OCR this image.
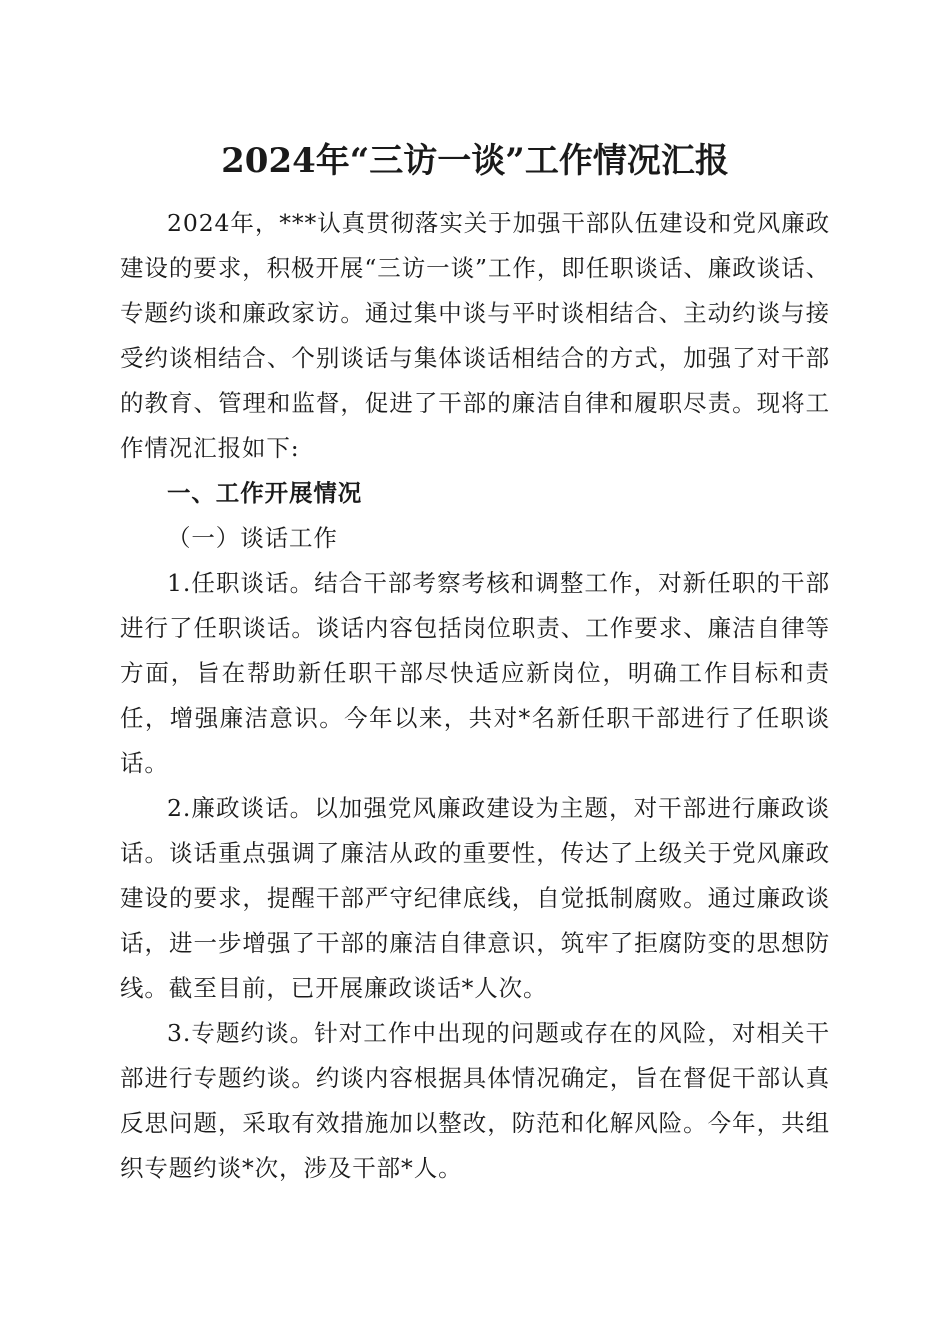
2024年“三访一谈”工作情况汇报

2024年，***认真贯彻落实关于加强干部队伍建设和党风廉政建设的要求，积极开展“三访一谈”工作，即任职谈话、廉政谈话、专题约谈和廉政家访。通过集中谈与平时谈相结合、主动约谈与接受约谈相结合、个别谈话与集体谈话相结合的方式，加强了对干部的教育、管理和监督，促进了干部的廉洁自律和履职尽责。现将工作情况汇报如下:

一、工作开展情况

（一）谈话工作

1.任职谈话。结合干部考察考核和调整工作，对新任职的干部进行了任职谈话。谈话内容包括岗位职责、工作要求、廉洁自律等方面，旨在帮助新任职干部尽快适应新岗位，明确工作目标和责任，增强廉洁意识。今年以来，共对*名新任职干部进行了任职谈话。

2.廉政谈话。以加强党风廉政建设为主题，对干部进行廉政谈话。谈话重点强调了廉洁从政的重要性，传达了上级关于党风廉政建设的要求，提醒干部严守纪律底线，自觉抵制腐败。通过廉政谈话，进一步增强了干部的廉洁自律意识，筑牢了拒腐防变的思想防线。截至目前，已开展廉政谈话*人次。

3.专题约谈。针对工作中出现的问题或存在的风险，对相关干部进行专题约谈。约谈内容根据具体情况确定，旨在督促干部认真反思问题，采取有效措施加以整改，防范和化解风险。今年，共组织专题约谈*次，涉及干部*人。
